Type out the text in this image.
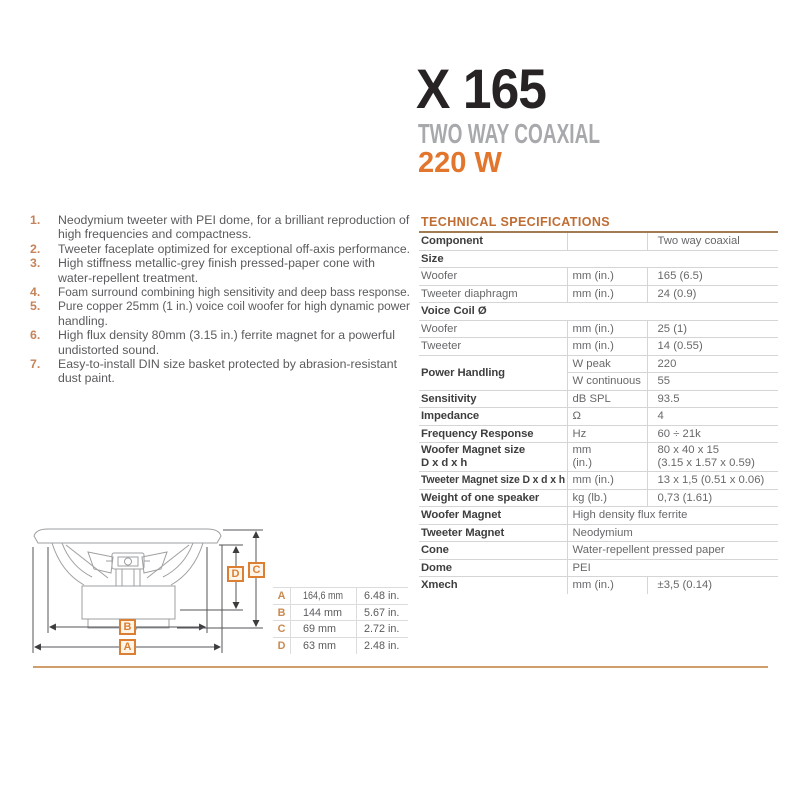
X 165
TWO WAY COAXIAL
220 W
1.	Neodymium tweeter with PEI dome, for a brilliant reproduction of
high frequencies and compactness.
2.	Tweeter faceplate optimized for exceptional off-axis performance.
3.	High stiffness metallic-grey finish pressed-paper cone with
water-repellent treatment.
4.	Foam surround combining high sensitivity and deep bass response.
5.	Pure copper 25mm (1 in.) voice coil woofer for high dynamic power
handling.
6.	High flux density 80mm (3.15 in.) ferrite magnet for a powerful
undistorted sound.
7.	Easy-to-install DIN size basket protected by abrasion-resistant
dust paint.
TECHNICAL SPECIFICATIONS
Component		Two way coaxial
Size		
Woofer	mm (in.)	165 (6.5)
Tweeter diaphragm	mm (in.)	24 (0.9)
Voice Coil Ø		
Woofer	mm (in.)	25 (1)
Tweeter	mm (in.)	14 (0.55)
Power Handling	W peak	220
	W continuous	55
Sensitivity	dB SPL	93.5
Impedance	Ω	4
Frequency Response	Hz	60 ÷ 21k

Woofer Magnet size
D x d x h

mm
(in.)

80 x 40 x 15
(3.15 x 1.57 x 0.59)

Tweeter Magnet size D x d x h	mm (in.)	13 x 1,5 (0.51 x 0.06)
Weight of one speaker	kg (lb.)	0,73 (1.61)
Woofer Magnet	High density flux ferrite	
Tweeter Magnet	Neodymium	
Cone	Water-repellent pressed paper	
Dome	PEI	
Xmech	mm (in.)	±3,5 (0.14)
D	C
B
A
A	164,6 mm	6.48 in.
B	144 mm	5.67 in.
C	69 mm	2.72 in.
D	63 mm	2.48 in.
